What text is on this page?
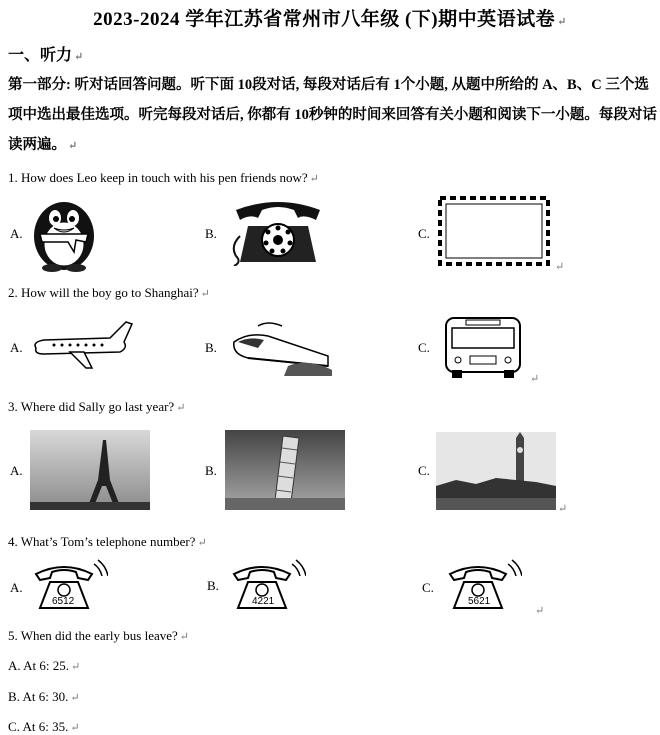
2023-2024 学年江苏省常州市八年级 (下)期中英语试卷 ↵
一、听力 ↵
第一部分: 听对话回答问题。听下面 10段对话, 每段对话后有 1个小题, 从题中所给的 A、B、C 三个选项中选出最佳选项。听完每段对话后, 你都有 10秒钟的时间来回答有关小题和阅读下一小题。每段对话读两遍。 ↵
1. How does Leo keep in touch with his pen friends now? ↵
A.	B.	C.
↵
2. How will the boy go to Shanghai? ↵
A.	B.	C.
↵
3. Where did Sally go last year? ↵
A.	B.	C.
↵
4. What’s Tom’s telephone number? ↵
A.
6512
B.
4221
C.
5621
↵
5. When did the early bus leave? ↵
A. At 6: 25. ↵
B. At 6: 30. ↵
C. At 6: 35. ↵
